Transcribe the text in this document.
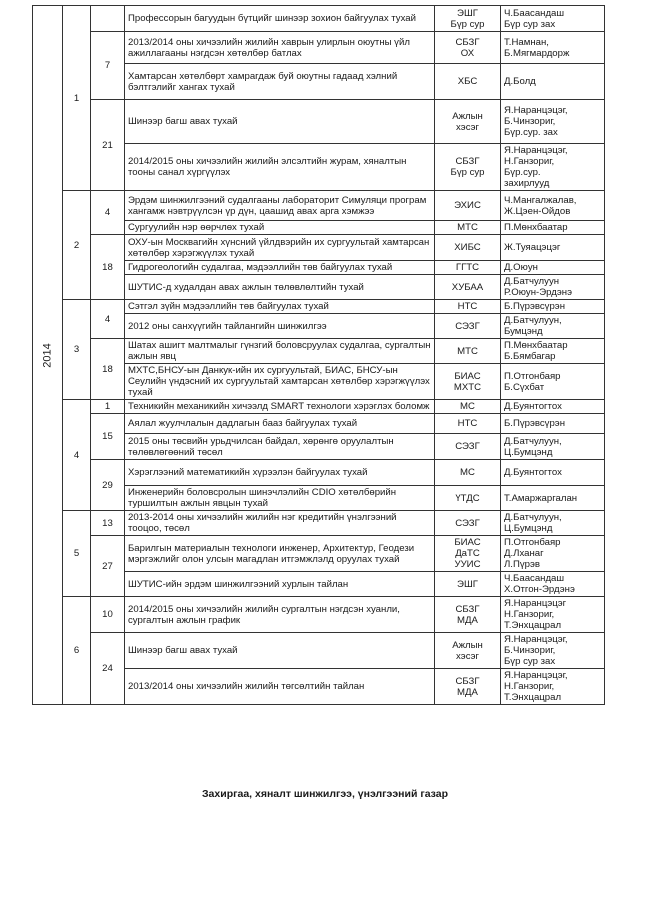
2014	1		Профессорын багуудын бүтцийг шинээр зохион байгуулах тухай	ЭШГ
Бүр сур	Ч.Баасандаш
Бүр сур зах
		7	2013/2014 оны хичээлийн жилийн хаврын улирлын оюутны үйл ажиллагааны нэгдсэн хөтөлбөр батлах	СБЗГ
ОХ	Т.Намнан,
Б.Мягмардорж
			Хамтарсан хөтөлбөрт хамрагдаж буй оюутны гадаад хэлний бэлтгэлийг хангах тухай	ХБС	Д.Болд
		21	Шинээр багш авах тухай	Ажлын
хэсэг	Я.Наранцэцэг,
Б.Чинзориг,
Бүр.сур. зах
			2014/2015 оны хичээлийн жилийн элсэлтийн журам, хяналтын тооны санал хүргүүлэх	СБЗГ
Бүр сур	Я.Наранцэцэг,
Н.Ганзориг,
Бүр.сур.
захирлууд
	2	4	Эрдэм шинжилгээний судалгааны лабораторит Симуляци програм хангамж нэвтрүүлсэн үр дүн, цаашид авах арга хэмжээ	ЭХИС	Ч.Мангалжалав,
Ж.Цэен-Ойдов
			Сургуулийн нэр өөрчлөх тухай	МТС	П.Мөнхбаатар
		18	ОХУ-ын Москвагийн хүнсний үйлдвэрийн их сургуультай хамтарсан хөтөлбөр хэрэгжүүлэх тухай	ХИБС	Ж.Туяацэцэг
			Гидрогеологийн судалгаа, мэдээллийн төв байгуулах тухай	ГГТС	Д.Оюун
			ШУТИС-д худалдан авах ажлын төлөвлөлтийн тухай	ХУБАА	Д.Батчулуун
Р.Оюун-Эрдэнэ
	3	4	Сэтгэл зүйн мэдээллийн төв байгуулах тухай	НТС	Б.Пүрэвсүрэн
			2012 оны санхүүгийн тайлангийн шинжилгээ	СЭЗГ	Д.Батчулуун,
Бумцэнд
		18	Шатах ашигт малтмалыг гүнзгий боловсруулах судалгаа, сургалтын ажлын явц	МТС	П.Мөнхбаатар
Б.Бямбагар
			МХТС,БНСУ-ын Данкук-ийн их сургуультай, БИАС, БНСУ-ын Сеулийн үндэсний их сургуультай хамтарсан хөтөлбөр хэрэгжүүлэх тухай	БИАС
МХТС	П.Отгонбаяр
Б.Сүхбат
	4	1	Техникийн механикийн хичээлд SMART технологи хэрэглэх боломж	МС	Д.Буянтогтох
		15	Аялал жуулчлалын дадлагын бааз байгуулах тухай	НТС	Б.Пүрэвсүрэн
			2015 оны төсвийн урьдчилсан байдал, хөрөнгө оруулалтын төлөвлөгөөний төсөл	СЭЗГ	Д.Батчулуун,
Ц.Бумцэнд
		29	Хэрэглээний математикийн хүрээлэн байгуулах тухай	МС	Д.Буянтогтох
			Инженерийн боловсролын шинэчлэлийн CDIO хөтөлбөрийн туршилтын ажлын явцын тухай	ҮТДС	Т.Амаржаргалан
	5	13	2013-2014 оны хичээлийн жилийн нэг кредитийн үнэлгээний тооцоо, төсөл	СЭЗГ	Д.Батчулуун,
Ц.Бумцэнд
		27	Барилгын материалын технологи инженер, Архитектур, Геодези мэргэжлийг олон улсын магадлан итгэмжлэлд оруулах тухай	БИАС
ДаТС
УУИС	П.Отгонбаяр
Д.Лханаг
Л.Пүрэв
			ШУТИС-ийн эрдэм шинжилгээний хурлын тайлан	ЭШГ	Ч.Баасандаш
Х.Отгон-Эрдэнэ
	6	10	2014/2015 оны хичээлийн жилийн сургалтын нэгдсэн хуанли, сургалтын ажлын график	СБЗГ
МДА	Я.Наранцэцэг
Н.Ганзориг,
Т.Энхцацрал
		24	Шинээр багш авах тухай	Ажлын
хэсэг	Я.Наранцэцэг,
Б.Чинзориг,
Бүр сур зах
			2013/2014 оны хичээлийн жилийн төгсөлтийн тайлан	СБЗГ
МДА	Я.Наранцэцэг,
Н.Ганзориг,
Т.Энхцацрал
Захиргаа, хяналт шинжилгээ, үнэлгээний газар
